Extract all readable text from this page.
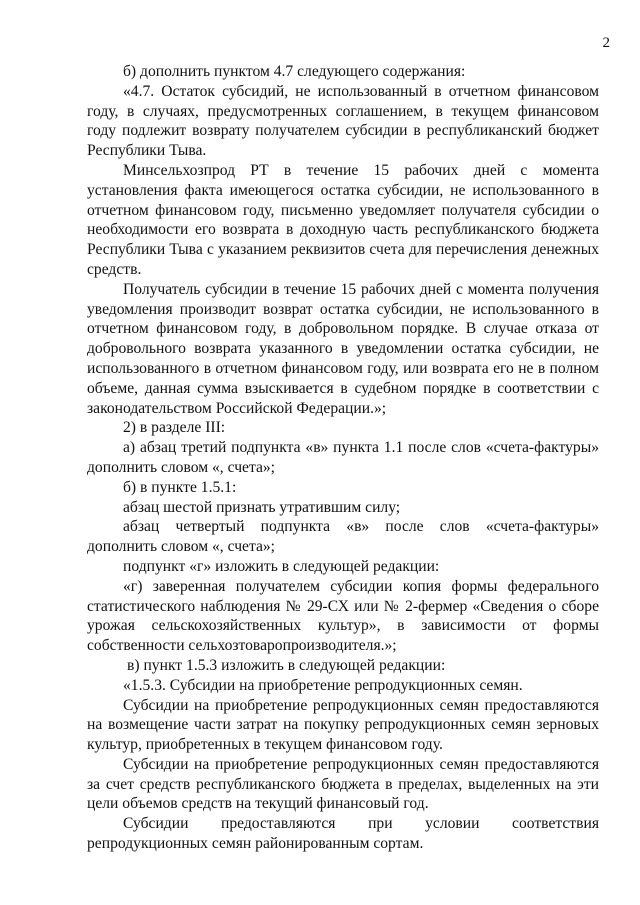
2

б) дополнить пунктом 4.7 следующего содержания:

«4.7. Остаток субсидий, не использованный в отчетном финансовом году, в случаях, предусмотренных соглашением, в текущем финансовом году подлежит возврату получателем субсидии в республиканский бюджет Республики Тыва.

Минсельхозпрод РТ в течение 15 рабочих дней с момента установления факта имеющегося остатка субсидии, не использованного в отчетном финансовом году, письменно уведомляет получателя субсидии о необходимости его возврата в доходную часть республиканского бюджета Республики Тыва с указанием реквизитов счета для перечисления денежных средств.

Получатель субсидии в течение 15 рабочих дней с момента получения уведомления производит возврат остатка субсидии, не использованного в отчетном финансовом году, в добровольном порядке. В случае отказа от добровольного возврата указанного в уведомлении остатка субсидии, не использованного в отчетном финансовом году, или возврата его не в полном объеме, данная сумма взыскивается в судебном порядке в соответствии с законодательством Российской Федерации.»;

2) в разделе III:

а) абзац третий подпункта «в» пункта 1.1 после слов «счета-фактуры» дополнить словом «, счета»;

б) в пункте 1.5.1:

абзац шестой признать утратившим силу;

абзац четвертый подпункта «в» после слов «счета-фактуры» дополнить словом «, счета»;

подпункт «г» изложить в следующей редакции:

«г) заверенная получателем субсидии копия формы федерального статистического наблюдения № 29-СХ или № 2-фермер «Сведения о сборе урожая сельскохозяйственных культур», в зависимости от формы собственности сельхозтоваропроизводителя.»;

в) пункт 1.5.3 изложить в следующей редакции:

«1.5.3. Субсидии на приобретение репродукционных семян.

Субсидии на приобретение репродукционных семян предоставляются на возмещение части затрат на покупку репродукционных семян зерновых культур, приобретенных в текущем финансовом году.

Субсидии на приобретение репродукционных семян предоставляются за счет средств республиканского бюджета в пределах, выделенных на эти цели объемов средств на текущий финансовый год.

Субсидии предоставляются при условии соответствия репродукционных семян районированным сортам.
